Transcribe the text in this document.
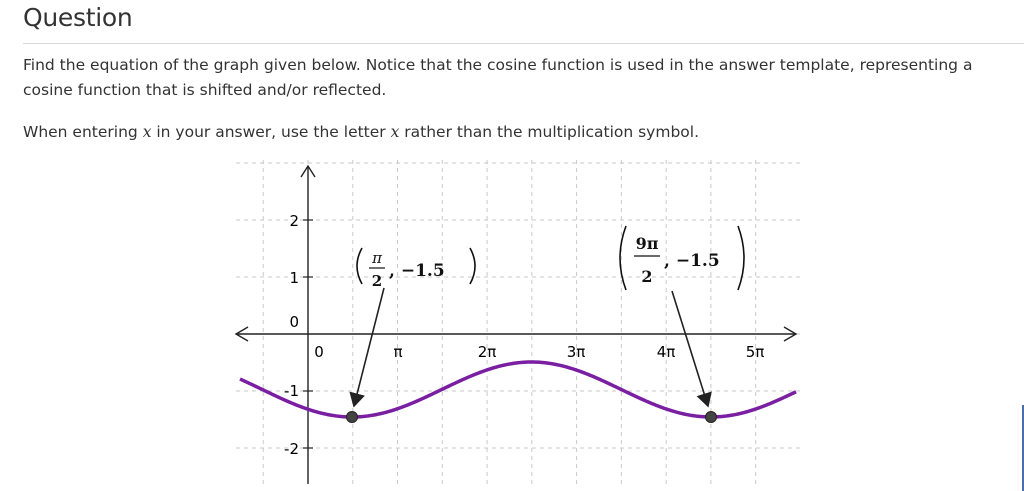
Question
Find the equation of the graph given below. Notice that the cosine function is used in the answer template, representing a cosine function that is shifted and/or reflected.
When entering x in your answer, use the letter x rather than the multiplication symbol.
0	π	2π	3π	4π	5π
2
1
0
-1
-2
π
2 , −1.5
9π
2
, −1.5
